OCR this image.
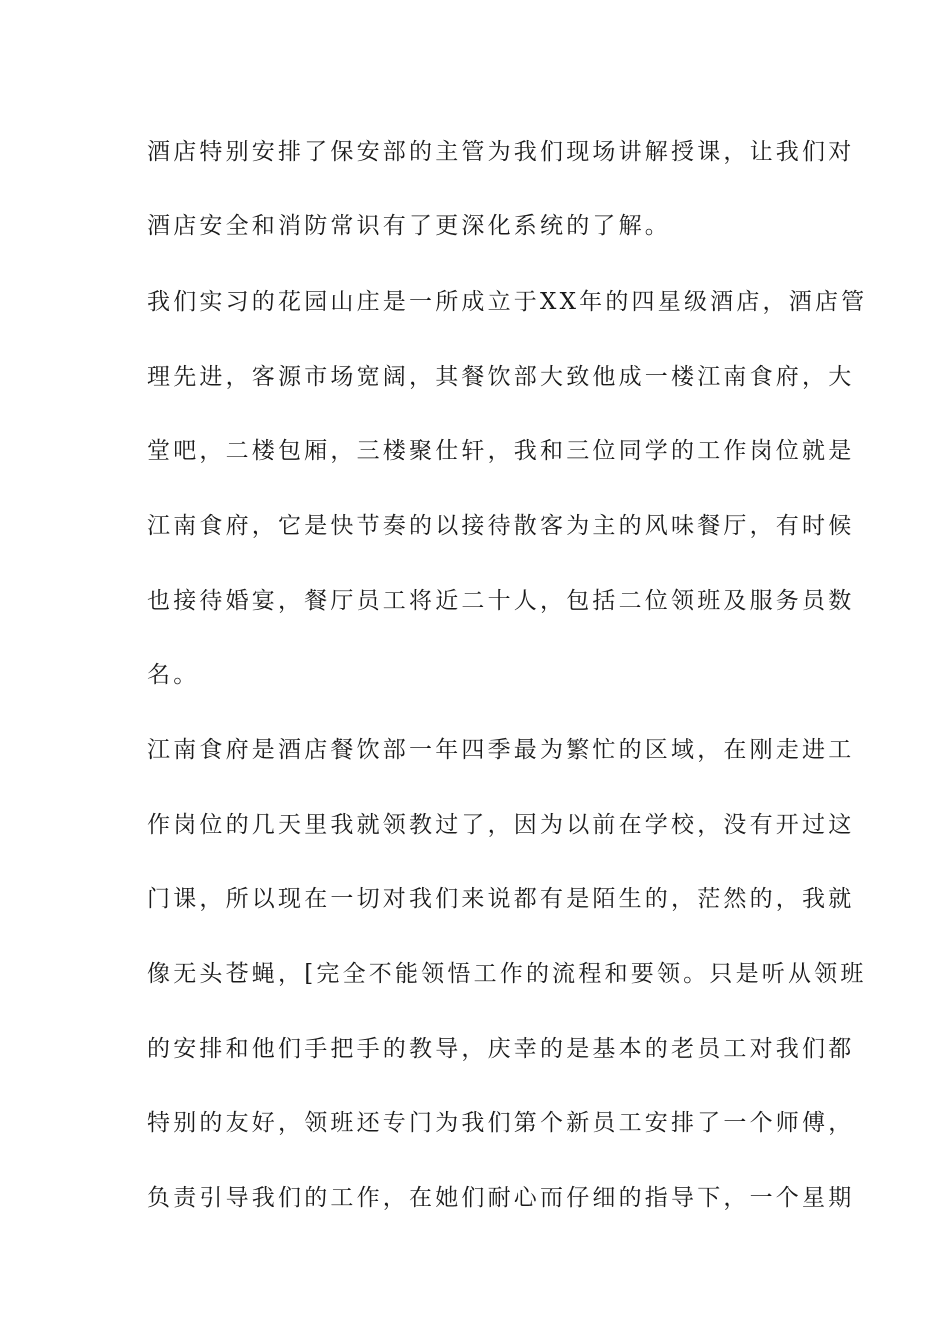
酒店特别安排了保安部的主管为我们现场讲解授课，让我们对
酒店安全和消防常识有了更深化系统的了解。
我们实习的花园山庄是一所成立于XX年的四星级酒店，酒店管
理先进，客源市场宽阔，其餐饮部大致他成一楼江南食府，大
堂吧，二楼包厢，三楼聚仕轩，我和三位同学的工作岗位就是
江南食府，它是快节奏的以接待散客为主的风味餐厅，有时候
也接待婚宴，餐厅员工将近二十人，包括二位领班及服务员数
名。
江南食府是酒店餐饮部一年四季最为繁忙的区域，在刚走进工
作岗位的几天里我就领教过了，因为以前在学校，没有开过这
门课，所以现在一切对我们来说都有是陌生的，茫然的，我就
像无头苍蝇，[完全不能领悟工作的流程和要领。只是听从领班
的安排和他们手把手的教导，庆幸的是基本的老员工对我们都
特别的友好，领班还专门为我们第个新员工安排了一个师傅，
负责引导我们的工作，在她们耐心而仔细的指导下，一个星期
